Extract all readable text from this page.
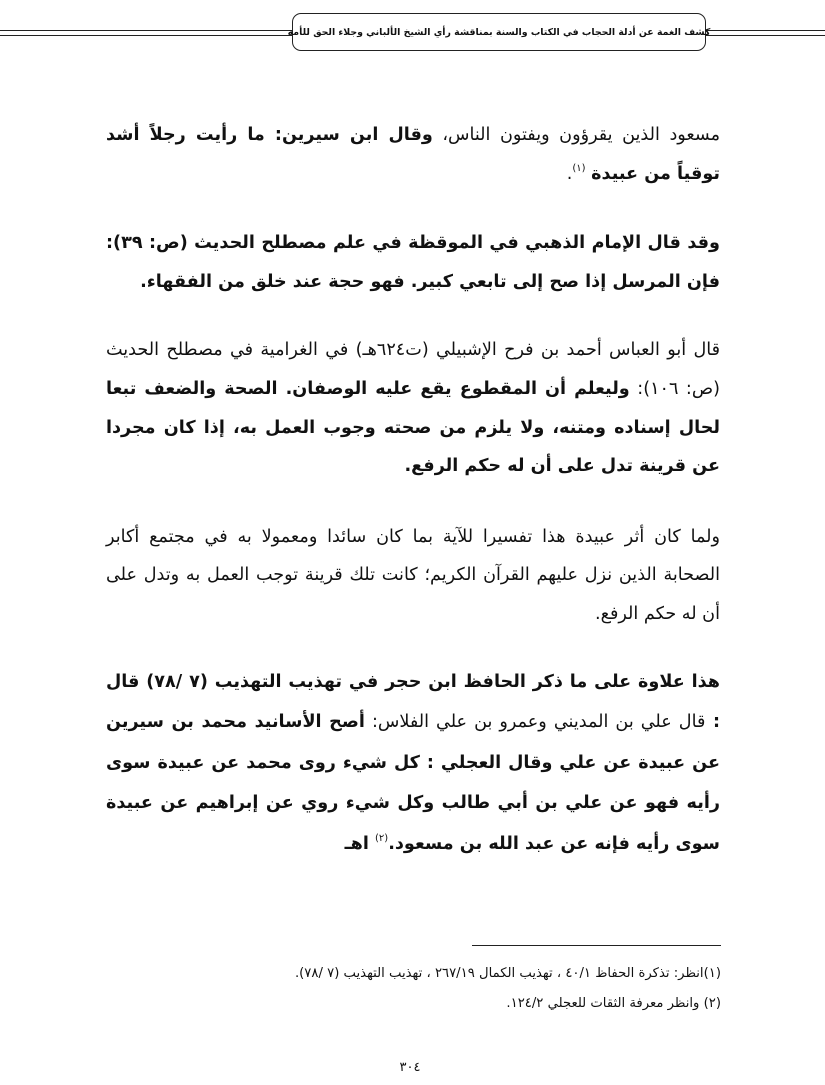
كشف الغمة عن أدلة الحجاب في الكتاب والسنة بمناقشة رأي الشيخ الألباني وجلاء الحق للأمة

مسعود الذين يقرؤون ويفتون الناس، وقال ابن سيرين: ما رأيت رجلاً أشد توقياً من عبيدة $^{(١)}$.

وقد قال الإمام الذهبي في الموقظة في علم مصطلح الحديث (ص: ٣٩): فإن المرسل إذا صح إلى تابعي كبير. فهو حجة عند خلق من الفقهاء.

قال أبو العباس أحمد بن فرح الإشبيلي (ت٦٢٤هـ) في الغرامية في مصطلح الحديث (ص: ١٠٦): وليعلم أن المقطوع يقع عليه الوصفان. الصحة والضعف تبعا لحال إسناده ومتنه، ولا يلزم من صحته وجوب العمل به، إذا كان مجردا عن قرينة تدل على أن له حكم الرفع.

ولما كان أثر عبيدة هذا تفسيرا للآية بما كان سائدا ومعمولا به في مجتمع أكابر الصحابة الذين نزل عليهم القرآن الكريم؛ كانت تلك قرينة توجب العمل به وتدل على أن له حكم الرفع.

هذا علاوة على ما ذكر الحافظ ابن حجر في تهذيب التهذيب (٧ /٧٨) قال : قال علي بن المديني وعمرو بن علي الفلاس: أصح الأسانيد محمد بن سيرين عن عبيدة عن علي وقال العجلي : كل شيء روى محمد عن عبيدة سوى رأيه فهو عن علي بن أبي طالب وكل شيء روي عن إبراهيم عن عبيدة سوى رأيه فإنه عن عبد الله بن مسعود.$^{(٢)}$ اهـ

(١)انظر: تذكرة الحفاظ ٤٠/١ ، تهذيب الكمال ٢٦٧/١٩ ، تهذيب التهذيب (٧ /٧٨).

(٢) وانظر معرفة الثقات للعجلي ١٢٤/٢.

٣٠٤
